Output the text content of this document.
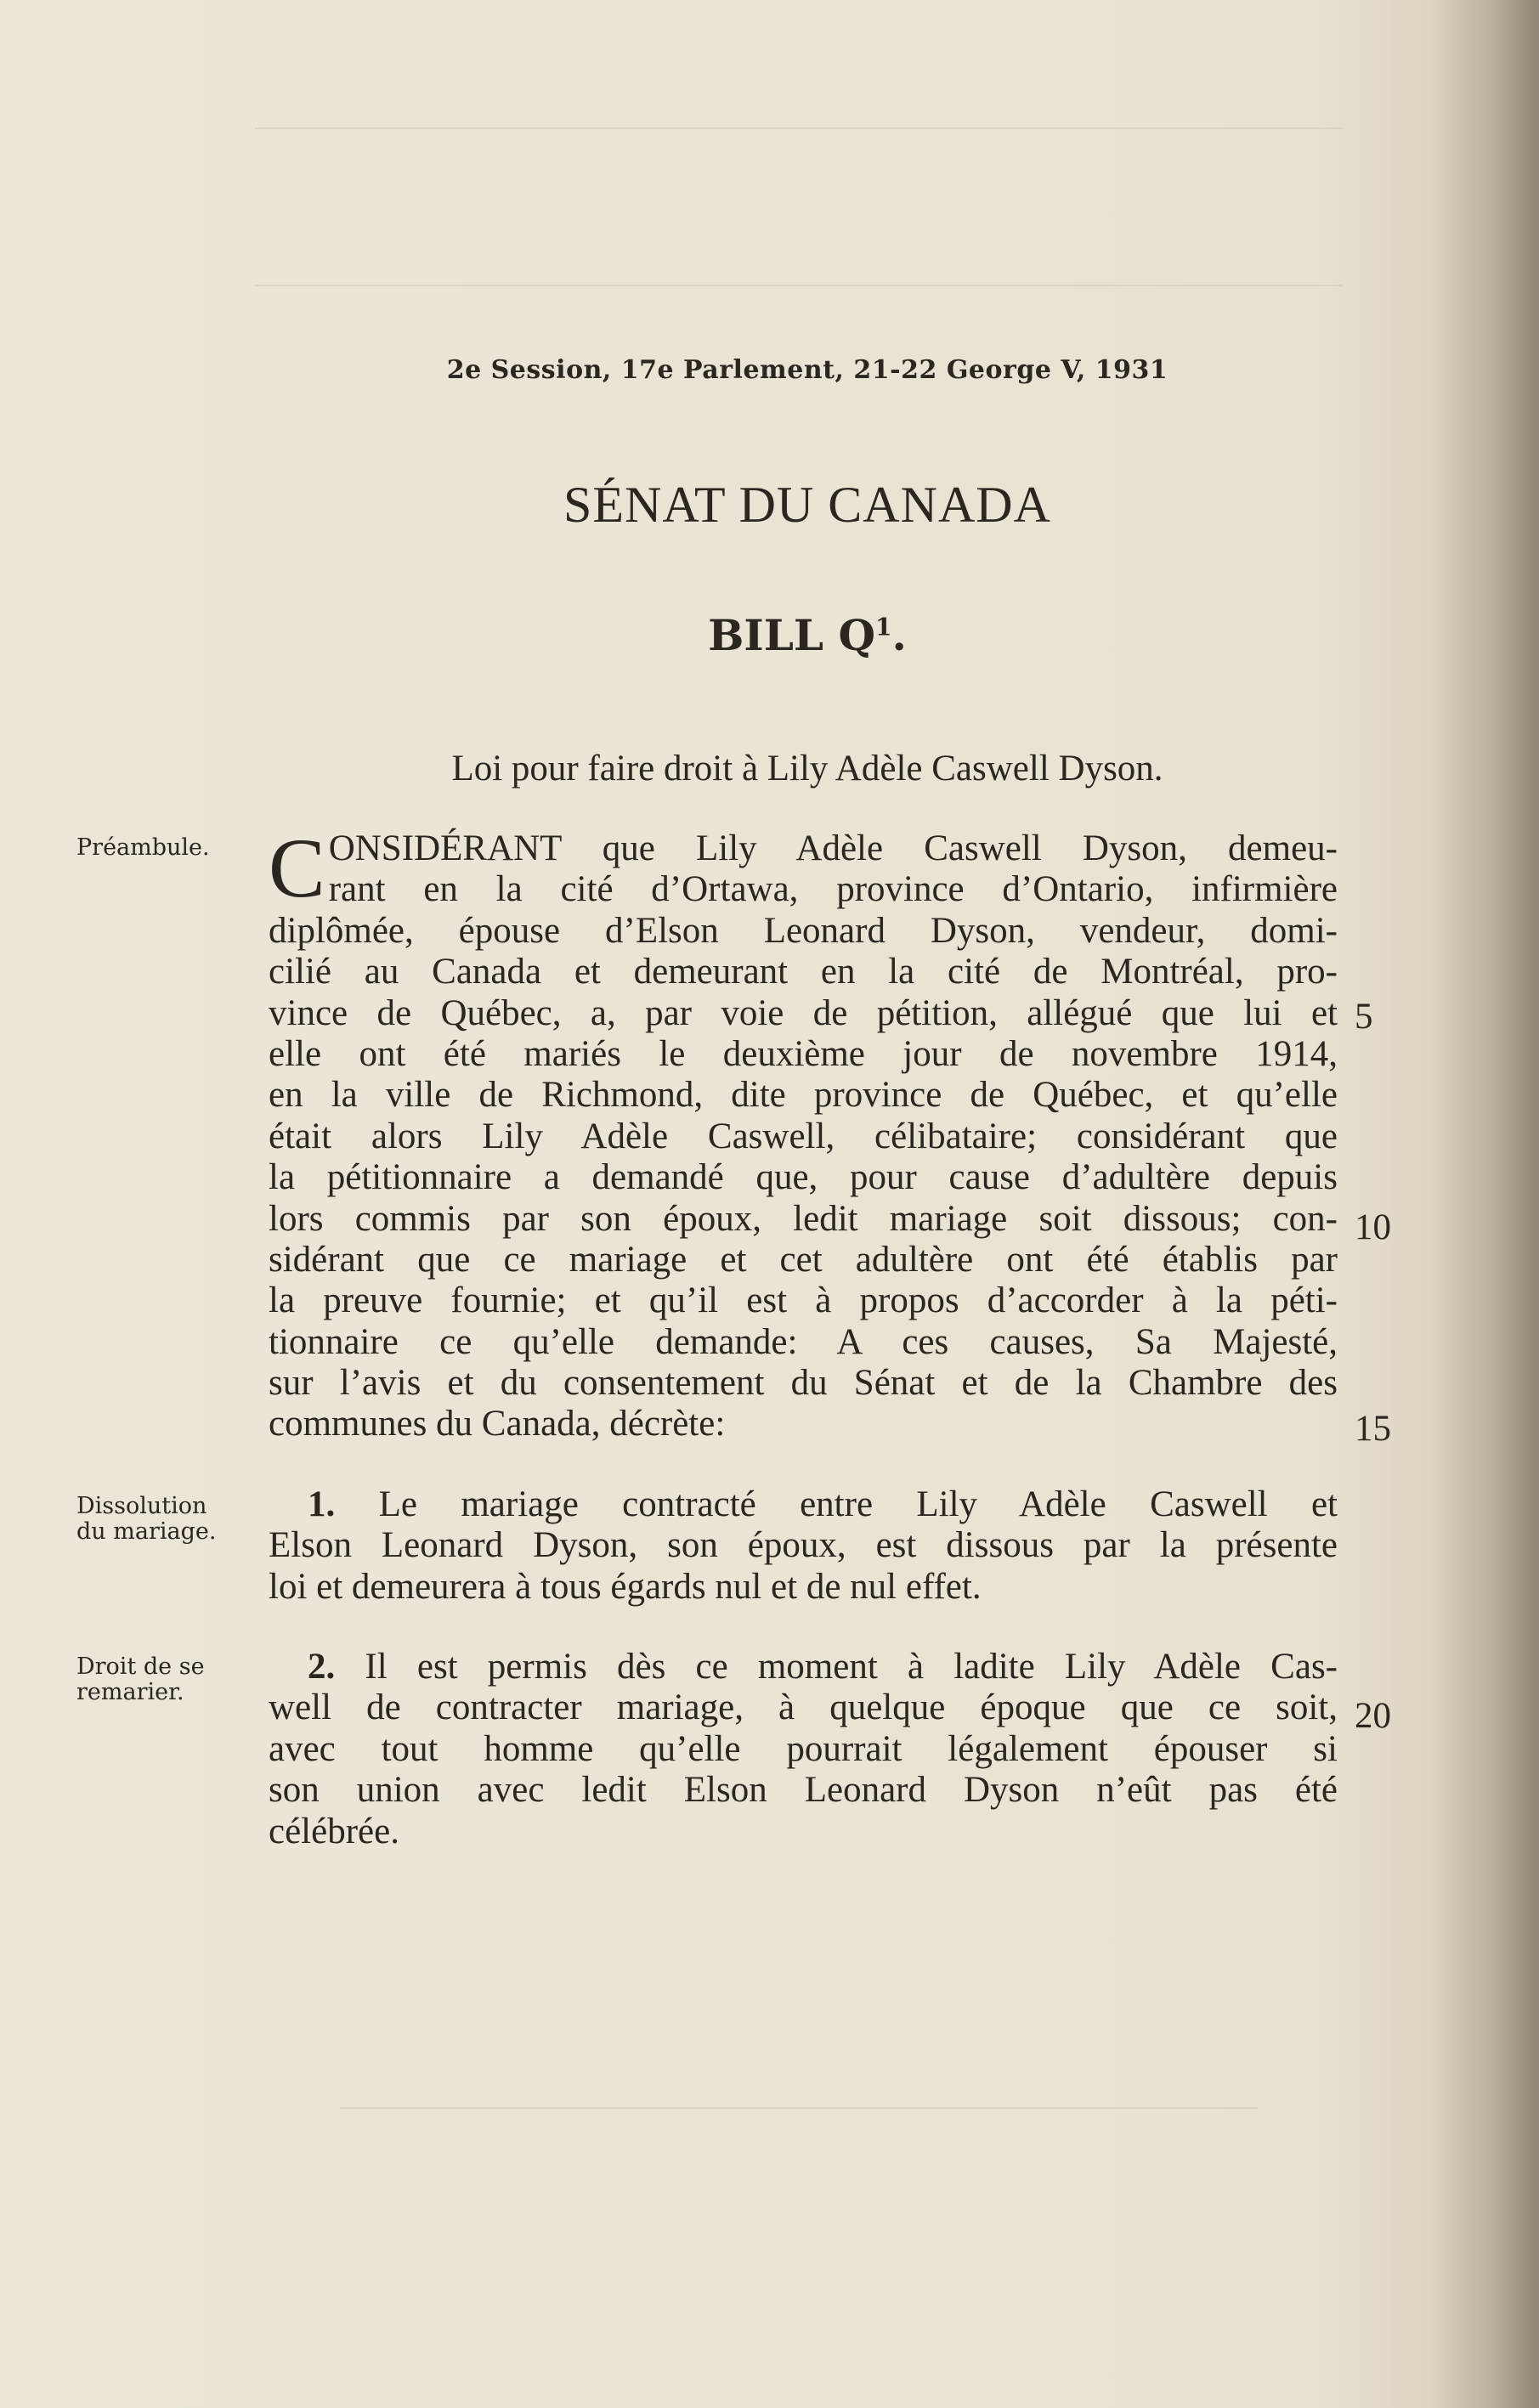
2e Session, 17e Parlement, 21-22 George V, 1931
SÉNAT DU CANADA
BILL $Q^1$.
Loi pour faire droit à Lily Adèle Caswell Dyson.
Préambule.
Dissolution
du mariage.
Droit de se
remarier.
C ONSIDÉRANT que Lily Adèle Caswell Dyson, demeu-
rant en la cité d’Ortawa, province d’Ontario, infirmière
diplômée, épouse d’Elson Leonard Dyson, vendeur, domi-
cilié au Canada et demeurant en la cité de Montréal, pro-
vince de Québec, a, par voie de pétition, allégué que lui et
elle ont été mariés le deuxième jour de novembre 1914,
en la ville de Richmond, dite province de Québec, et qu’elle
était alors Lily Adèle Caswell, célibataire; considérant que
la pétitionnaire a demandé que, pour cause d’adultère depuis
lors commis par son époux, ledit mariage soit dissous; con-
sidérant que ce mariage et cet adultère ont été établis par
la preuve fournie; et qu’il est à propos d’accorder à la péti-
tionnaire ce qu’elle demande: A ces causes, Sa Majesté,
sur l’avis et du consentement du Sénat et de la Chambre des
communes du Canada, décrète:
1. Le mariage contracté entre Lily Adèle Caswell et
Elson Leonard Dyson, son époux, est dissous par la présente
loi et demeurera à tous égards nul et de nul effet.
2. Il est permis dès ce moment à ladite Lily Adèle Cas-
well de contracter mariage, à quelque époque que ce soit,
avec tout homme qu’elle pourrait légalement épouser si
son union avec ledit Elson Leonard Dyson n’eût pas été
célébrée.
5
10
15
20
